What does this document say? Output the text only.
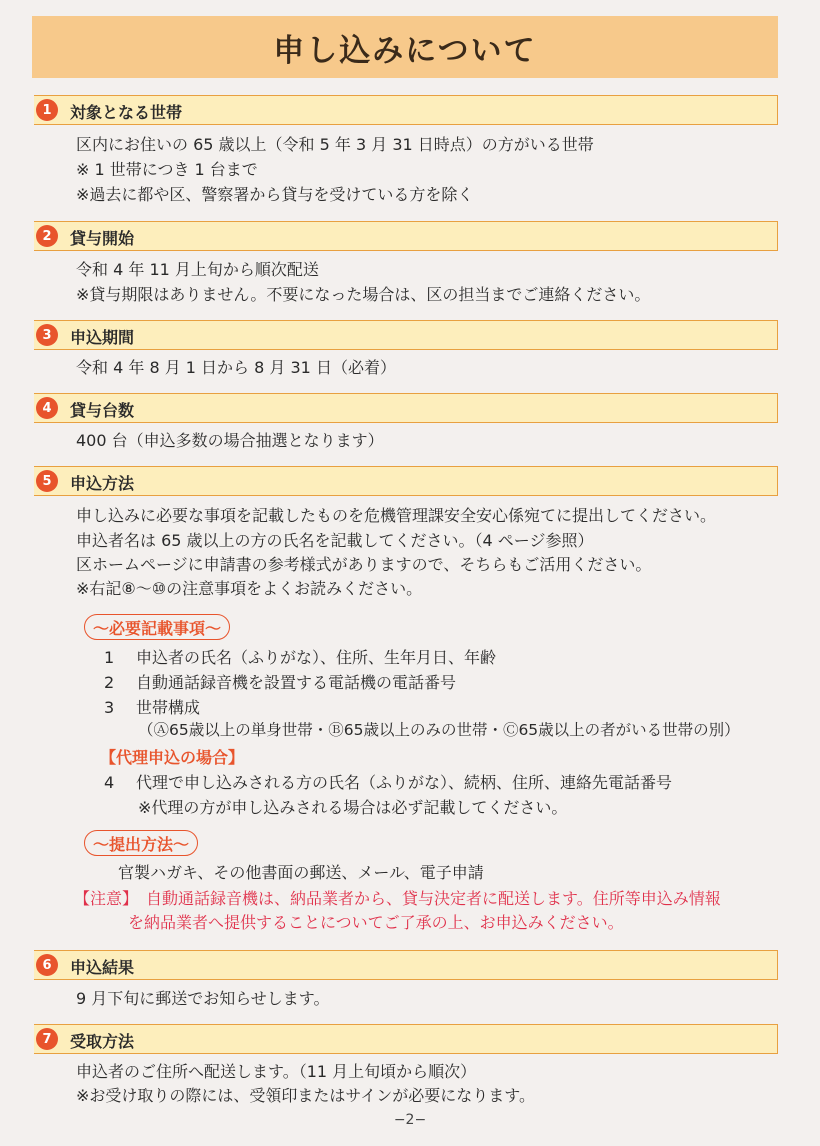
申し込みについて
1	対象となる世帯
区内にお住いの 65 歳以上（令和 5 年 3 月 31 日時点）の方がいる世帯
※ 1 世帯につき 1 台まで
※過去に都や区、警察署から貸与を受けている方を除く
2	貸与開始
令和 4 年 11 月上旬から順次配送
※貸与期限はありません。不要になった場合は、区の担当までご連絡ください。
3	申込期間
令和 4 年 8 月 1 日から 8 月 31 日（必着）
4	貸与台数
400 台（申込多数の場合抽選となります）
5	申込方法
申し込みに必要な事項を記載したものを危機管理課安全安心係宛てに提出してください。
申込者名は 65 歳以上の方の氏名を記載してください。（4 ページ参照）
区ホームページに申請書の参考様式がありますので、そちらもご活用ください。
※右記⑧～⑩の注意事項をよくお読みください。
～必要記載事項～
1 申込者の氏名（ふりがな）、住所、生年月日、年齢
2 自動通話録音機を設置する電話機の電話番号
3 世帯構成
（Ⓐ65歳以上の単身世帯・Ⓑ65歳以上のみの世帯・Ⓒ65歳以上の者がいる世帯の別）
【代理申込の場合】
4 代理で申し込みされる方の氏名（ふりがな）、続柄、住所、連絡先電話番号
※代理の方が申し込みされる場合は必ず記載してください。
～提出方法～
官製ハガキ、その他書面の郵送、メール、電子申請
【注意】 自動通話録音機は、納品業者から、貸与決定者に配送します。住所等申込み情報
を納品業者へ提供することについてご了承の上、お申込みください。
6	申込結果
9 月下旬に郵送でお知らせします。
7	受取方法
申込者のご住所へ配送します。（11 月上旬頃から順次）
※お受け取りの際には、受領印またはサインが必要になります。
−2−
